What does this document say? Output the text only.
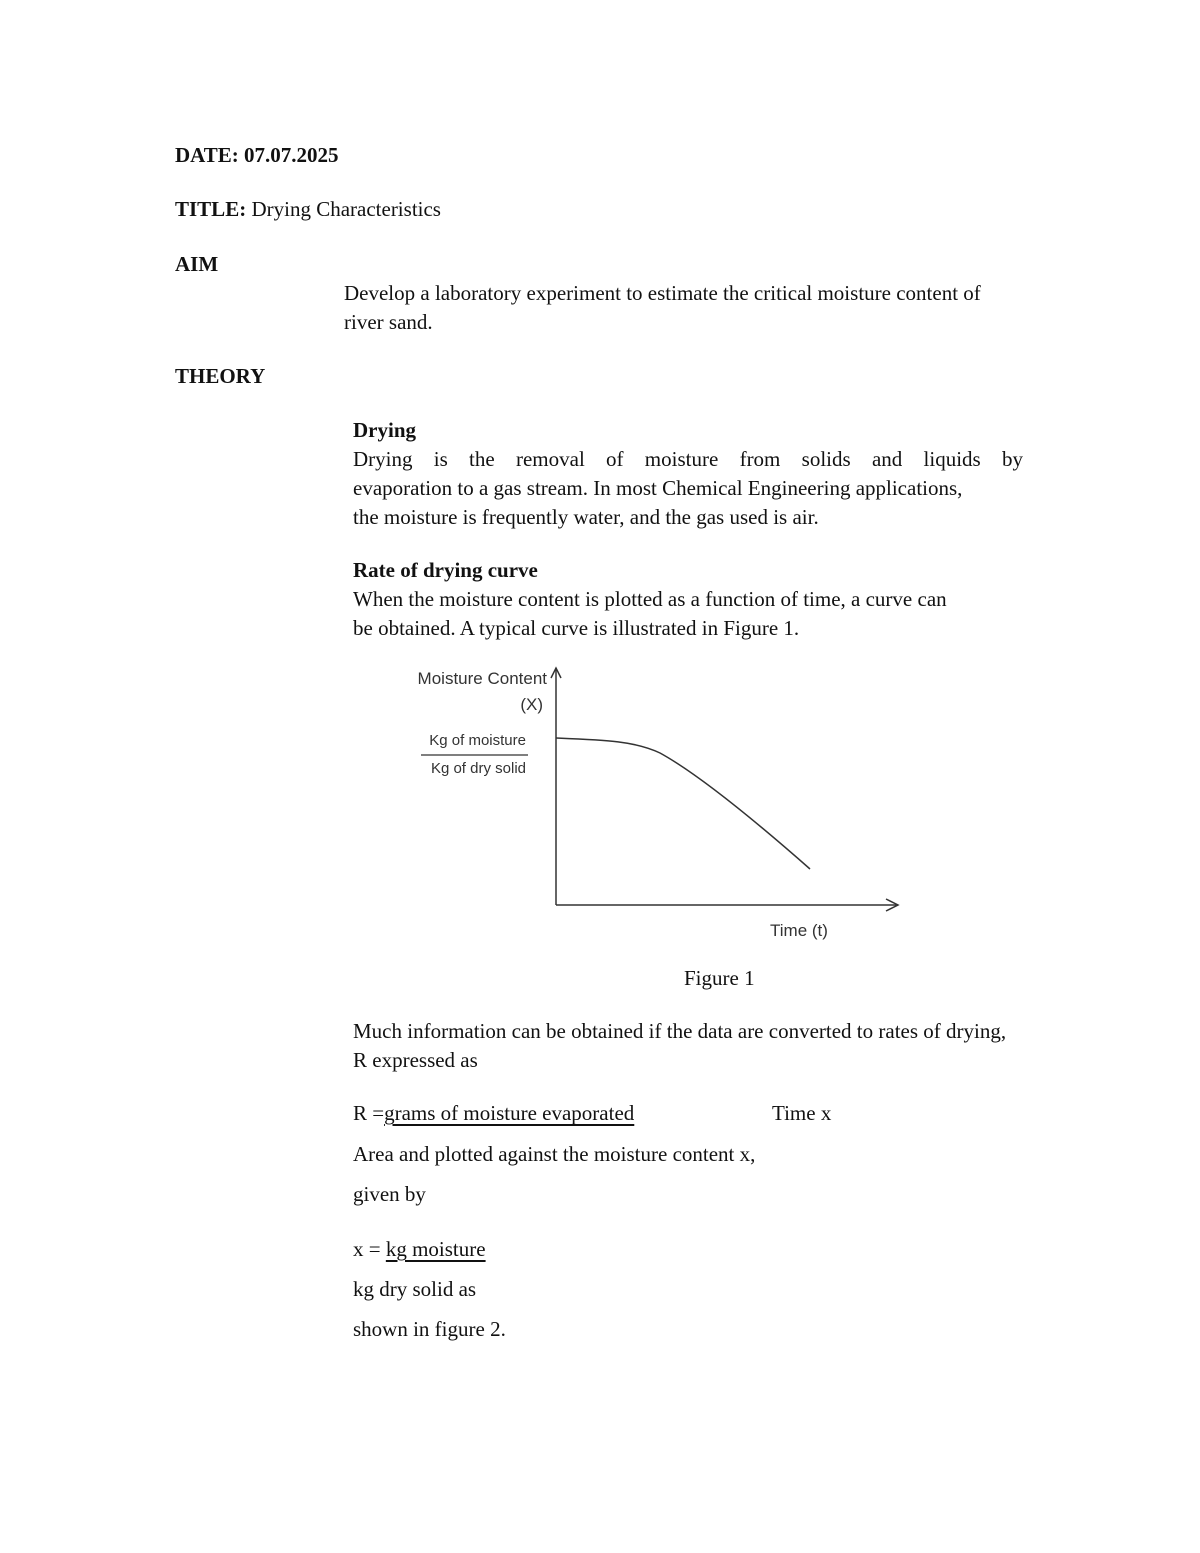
DATE: 07.07.2025
TITLE: Drying Characteristics
AIM
Develop a laboratory experiment to estimate the critical moisture content of
river sand.
THEORY
Drying
Drying is the removal of moisture from solids and liquids by
evaporation to a gas stream. In most Chemical Engineering applications,
the moisture is frequently water, and the gas used is air.
Rate of drying curve
When the moisture content is plotted as a function of time, a curve can
be obtained. A typical curve is illustrated in Figure 1.
Moisture Content
(X)
Kg of moisture
Kg of dry solid
Time (t)
Figure 1
Much information can be obtained if the data are converted to rates of drying,
R expressed as
R =grams of moisture evaporated	Time x
Area and plotted against the moisture content x,
given by
x = kg moisture
kg dry solid as
shown in figure 2.
